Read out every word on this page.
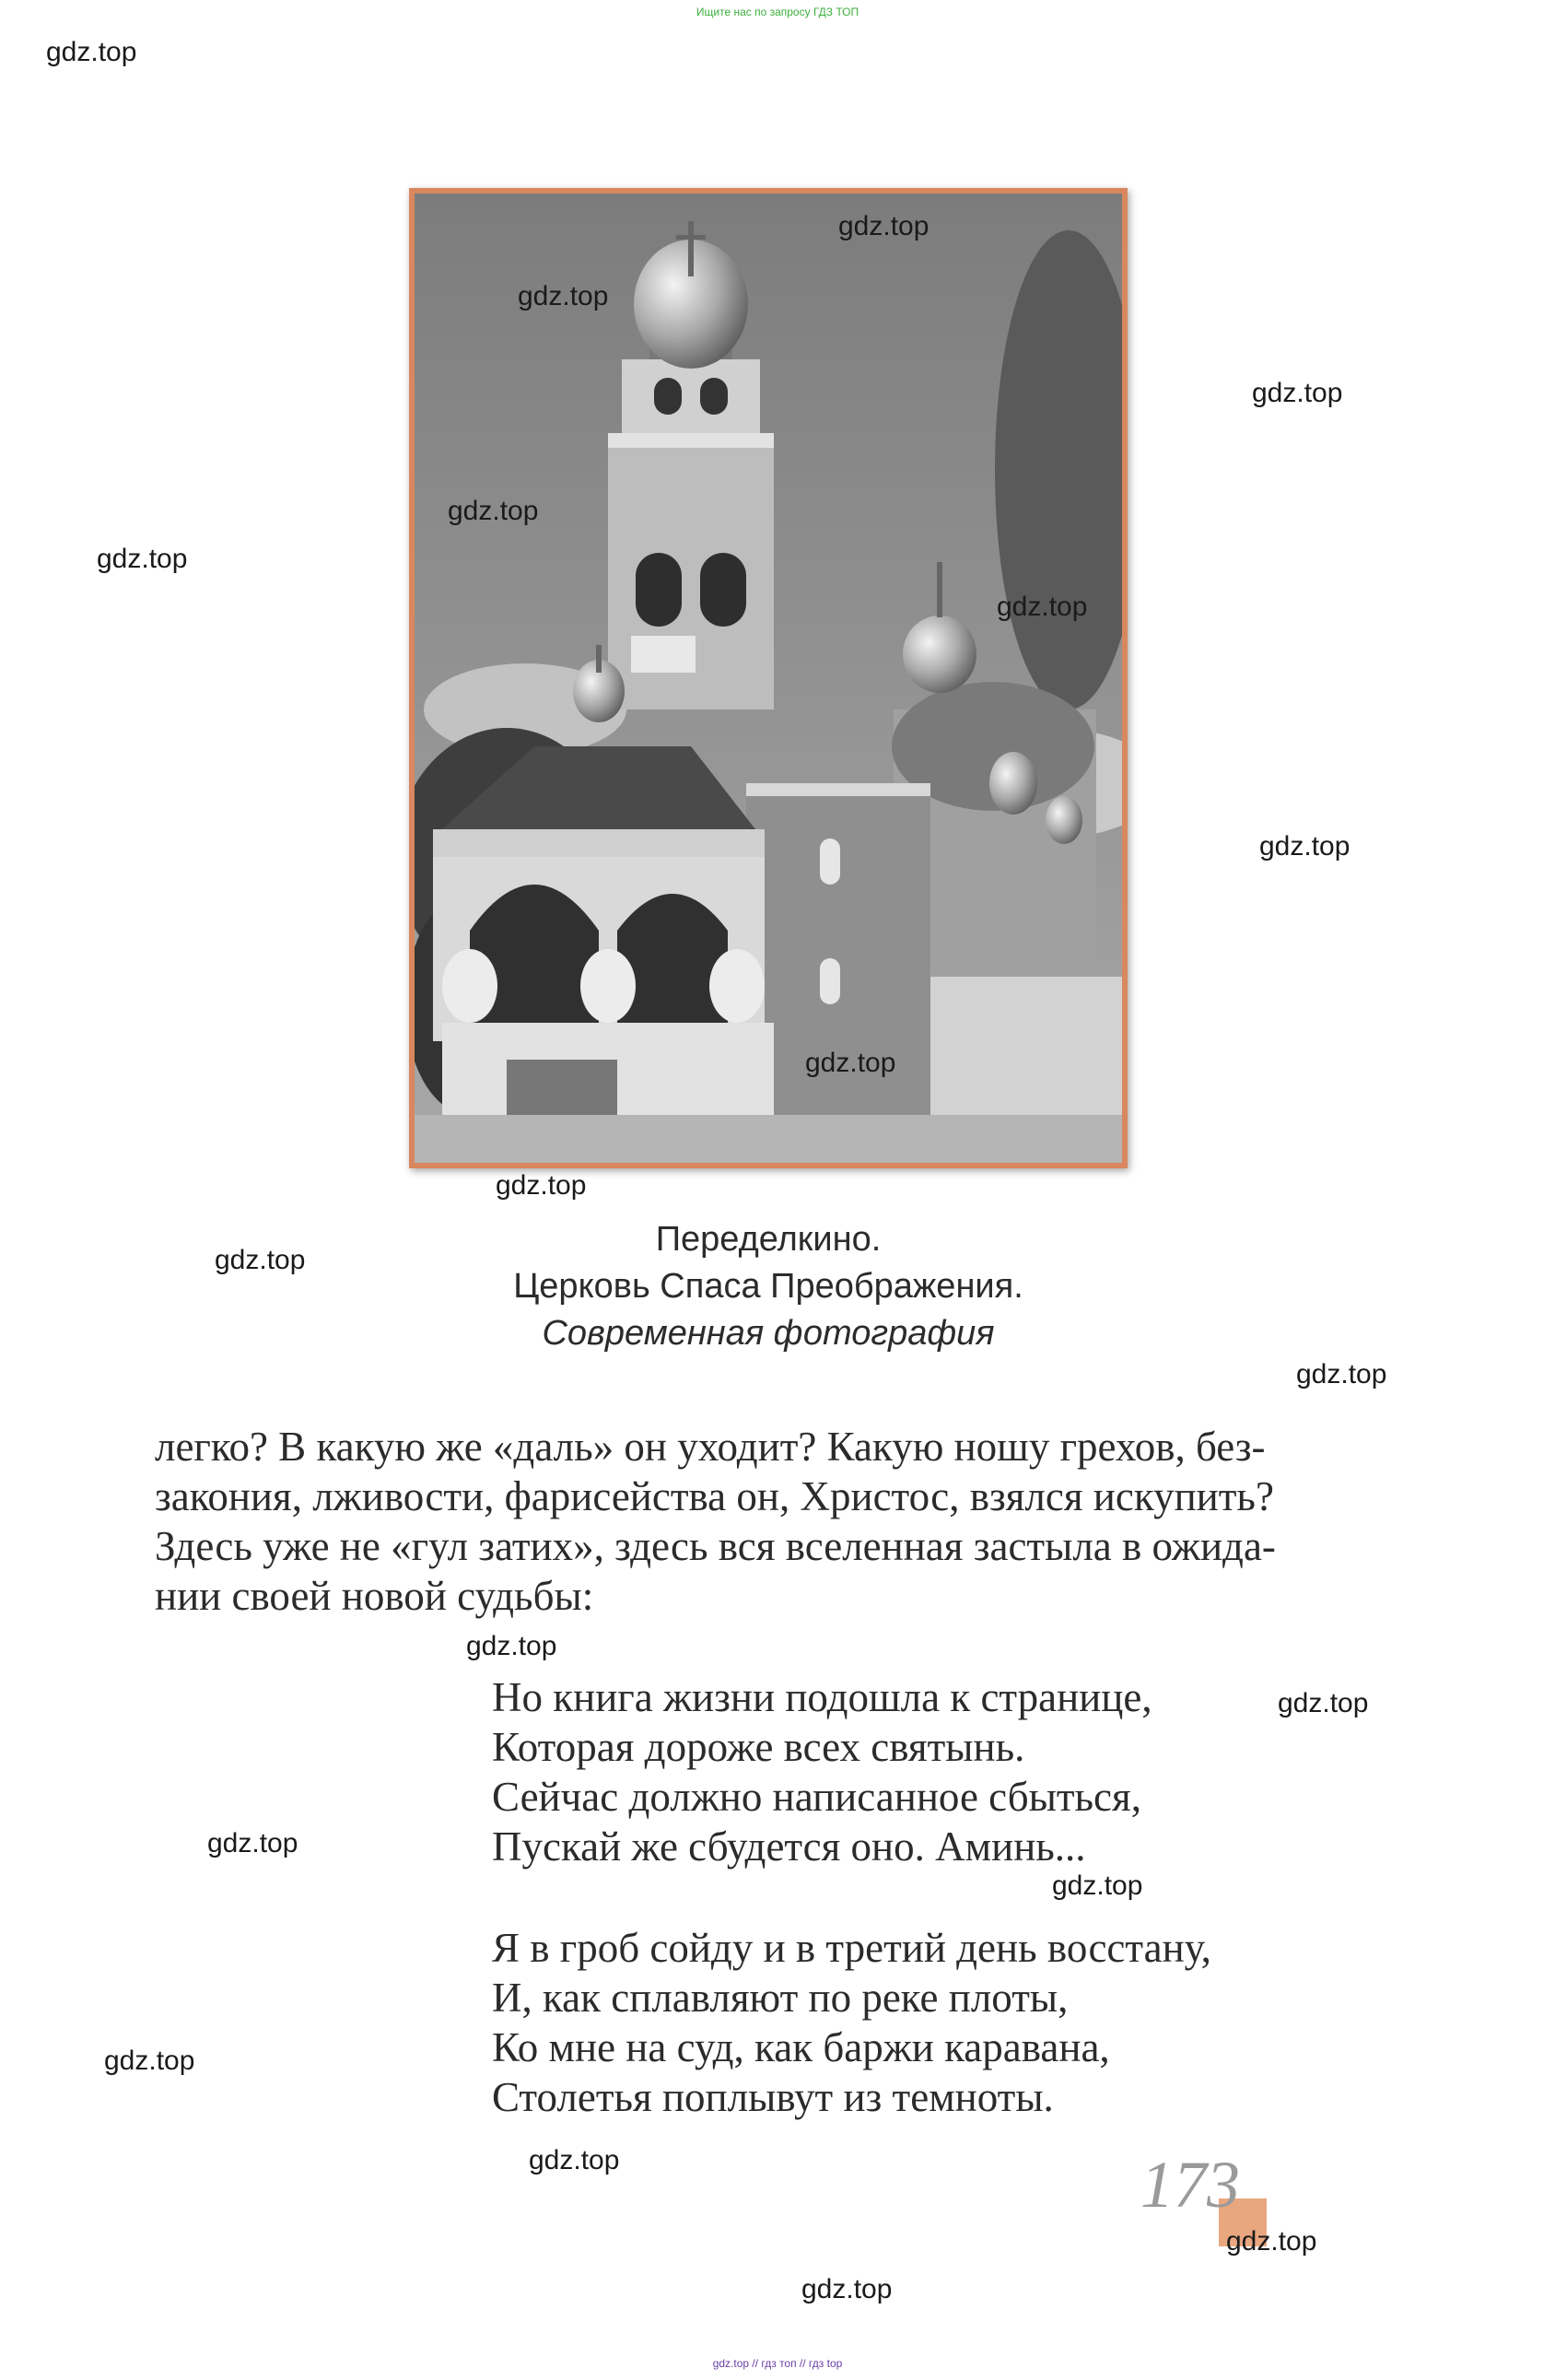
Ищите нас по запросу ГДЗ ТОП
gdz.top
gdz.top
gdz.top
gdz.top
gdz.top
gdz.top
gdz.top
gdz.top
gdz.top
gdz.top
gdz.top
gdz.top
gdz.top
gdz.top
gdz.top
gdz.top
gdz.top
gdz.top
gdz.top
gdz.top
Переделкино.
Церковь Спаса Преображения.
Современная фотография
легко? В какую же «даль» он уходит? Какую ношу грехов, без-
закония, лживости, фарисейства он, Христос, взялся искупить?
Здесь уже не «гул затих», здесь вся вселенная застыла в ожида-
нии своей новой судьбы:
Но книга жизни подошла к странице,
Которая дороже всех святынь.
Сейчас должно написанное сбыться,
Пускай же сбудется оно. Аминь...
Я в гроб сойду и в третий день восстану,
И, как сплавляют по реке плоты,
Ко мне на суд, как баржи каравана,
Столетья поплывут из темноты.
173
gdz.top // гдз топ // гдз top
